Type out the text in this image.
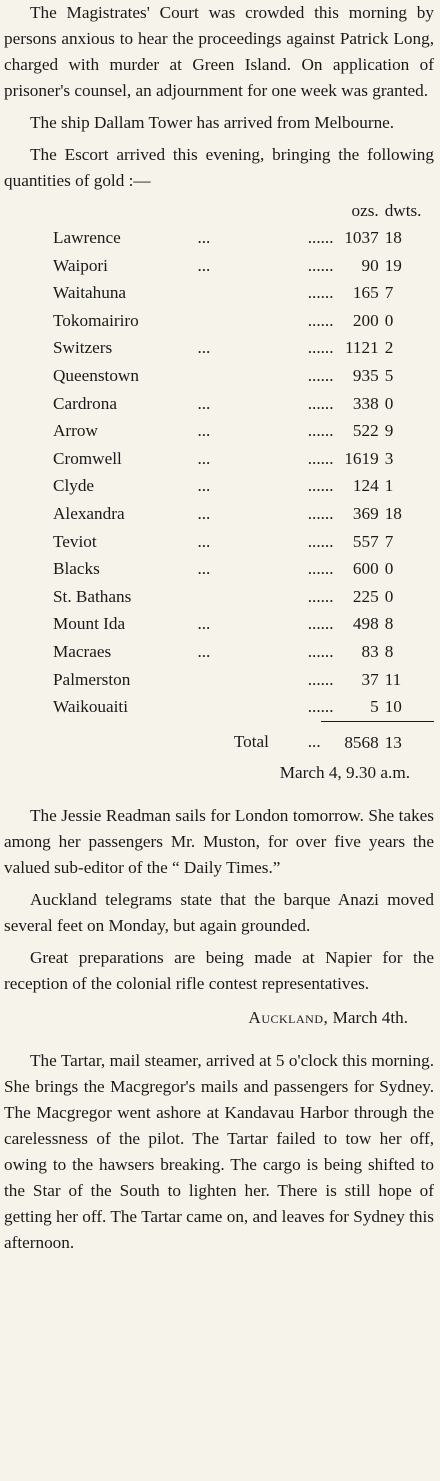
The Magistrates' Court was crowded this morning by persons anxious to hear the proceedings against Patrick Long, charged with murder at Green Island. On application of prisoner's counsel, an adjournment for one week was granted.

The ship Dallam Tower has arrived from Melbourne.

The Escort arrived this evening, bringing the following quantities of gold :—

			ozs.	dwts.
Lawrence	...	...	... 1037	18
Waipori	...	...	... 90	19
Waitahuna		...	... 165	7
Tokomairiro		...	... 200	0
Switzers	...	...	... 1121	2
Queenstown		...	... 935	5
Cardrona	...	...	... 338	0
Arrow	...	...	... 522	9
Cromwell	...	...	... 1619	3
Clyde	...	...	... 124	1
Alexandra	...	...	... 369	18
Teviot	...	...	... 557	7
Blacks	...	...	... 600	0
St. Bathans		...	... 225	0
Mount Ida	...	...	... 498	8
Macraes	...	...	... 83	8
Palmerston		...	... 37	11
Waikouaiti		...	... 5	10
	Total	...	8568	13

March 4, 9.30 a.m.

The Jessie Readman sails for London tomorrow. She takes among her passengers Mr. Muston, for over five years the valued sub-editor of the “ Daily Times.”

Auckland telegrams state that the barque Anazi moved several feet on Monday, but again grounded.

Great preparations are being made at Napier for the reception of the colonial rifle contest representatives.

Auckland, March 4th.

The Tartar, mail steamer, arrived at 5 o'clock this morning. She brings the Macgregor's mails and passengers for Sydney. The Macgregor went ashore at Kandavau Harbor through the carelessness of the pilot. The Tartar failed to tow her off, owing to the hawsers breaking. The cargo is being shifted to the Star of the South to lighten her. There is still hope of getting her off. The Tartar came on, and leaves for Sydney this afternoon.
